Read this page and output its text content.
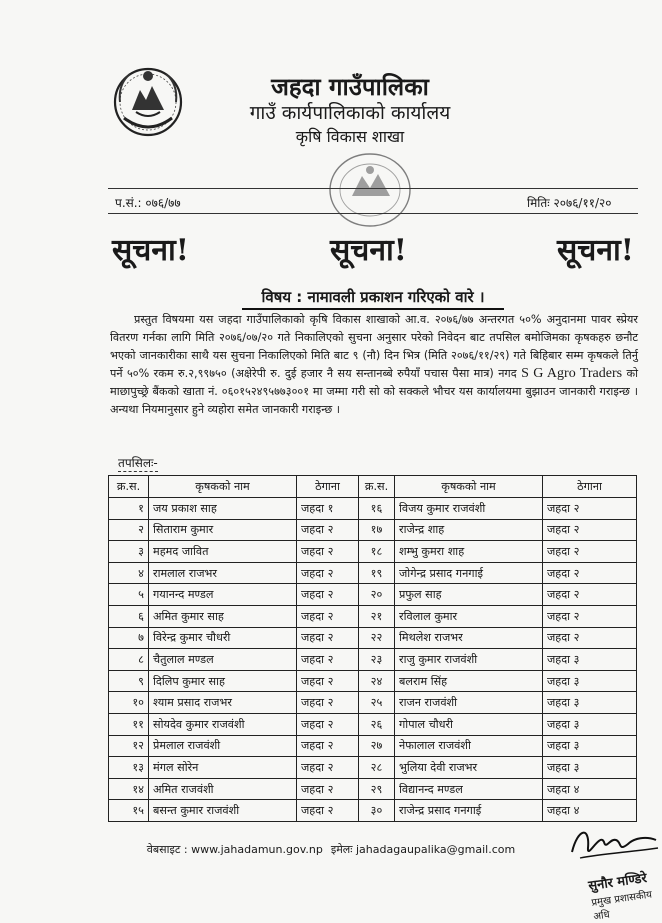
जहदा गाउँपालिका
गाउँ कार्यपालिकाको कार्यालय
कृषि विकास शाखा
प.सं.: ०७६/७७	मितिः २०७६/११/२०
सूचना!	सूचना!	सूचना!
विषय : नामावली प्रकाशन गरिएको वारे ।
प्रस्तुत विषयमा यस जहदा गाउँपालिकाको कृषि विकास शाखाको आ.व. २०७६/७७ अन्तरगत ५०% अनुदानमा पावर स्प्रेयर वितरण गर्नका लागि मिति २०७६/०७/२० गते निकालिएको सुचना अनुसार परेको निवेदन बाट तपसिल बमोजिमका कृषकहरु छनौट भएको जानकारीका साथै यस सुचना निकालिएको मिति बाट ९ (नौ) दिन भित्र (मिति २०७६/११/२९) गते बिहिबार सम्म कृषकले तिर्नु पर्ने ५०% रकम रु.२,९९७५० (अक्षेरेपी रु. दुई हजार नै सय सन्तानब्बे रुपैयाँ पचास पैसा मात्र) नगद S G Agro Traders को माछापुच्छ्रे बैंकको खाता नं. ०६०१५२४९५७७३००१ मा जम्मा गरी सो को सक्कले भौचर यस कार्यालयमा बुझाउन जानकारी गराइन्छ । अन्यथा नियमानुसार हुने व्यहोरा समेत जानकारी गराइन्छ ।
तपसिलः-
क्र.स.	कृषकको नाम	ठेगाना	क्र.स.	कृषकको नाम	ठेगाना
१	जय प्रकाश साह	जहदा १	१६	विजय कुमार राजवंशी	जहदा २
२	सिताराम कुमार	जहदा २	१७	राजेन्द्र शाह	जहदा २
३	महमद जावित	जहदा २	१८	शम्भु कुमरा शाह	जहदा २
४	रामलाल राजभर	जहदा २	१९	जोगेन्द्र प्रसाद गनगाई	जहदा २
५	गयानन्द मण्डल	जहदा २	२०	प्रफुल साह	जहदा २
६	अमित कुमार साह	जहदा २	२१	रविलाल कुमार	जहदा २
७	विरेन्द्र कुमार चौधरी	जहदा २	२२	मिथलेश राजभर	जहदा २
८	चैतुलाल मण्डल	जहदा २	२३	राजु कुमार राजवंशी	जहदा ३
९	दिलिप कुमार साह	जहदा २	२४	बलराम सिंह	जहदा ३
१०	श्याम प्रसाद राजभर	जहदा २	२५	राजन राजवंशी	जहदा ३
११	सोयदेव कुमार राजवंशी	जहदा २	२६	गोपाल चौधरी	जहदा ३
१२	प्रेमलाल राजवंशी	जहदा २	२७	नेफालाल राजवंशी	जहदा ३
१३	मंगल सोरेन	जहदा २	२८	भुलिया देवी राजभर	जहदा ३
१४	अमित राजवंशी	जहदा २	२९	विद्यानन्द मण्डल	जहदा ४
१५	बसन्त कुमार राजवंशी	जहदा २	३०	राजेन्द्र प्रसाद गनगाई	जहदा ४
वेबसाइट : www.jahadamun.gov.np इमेलः jahadagaupalika@gmail.com
सुनौर मण्डिरे
प्रमुख प्रशासकीय अधि
